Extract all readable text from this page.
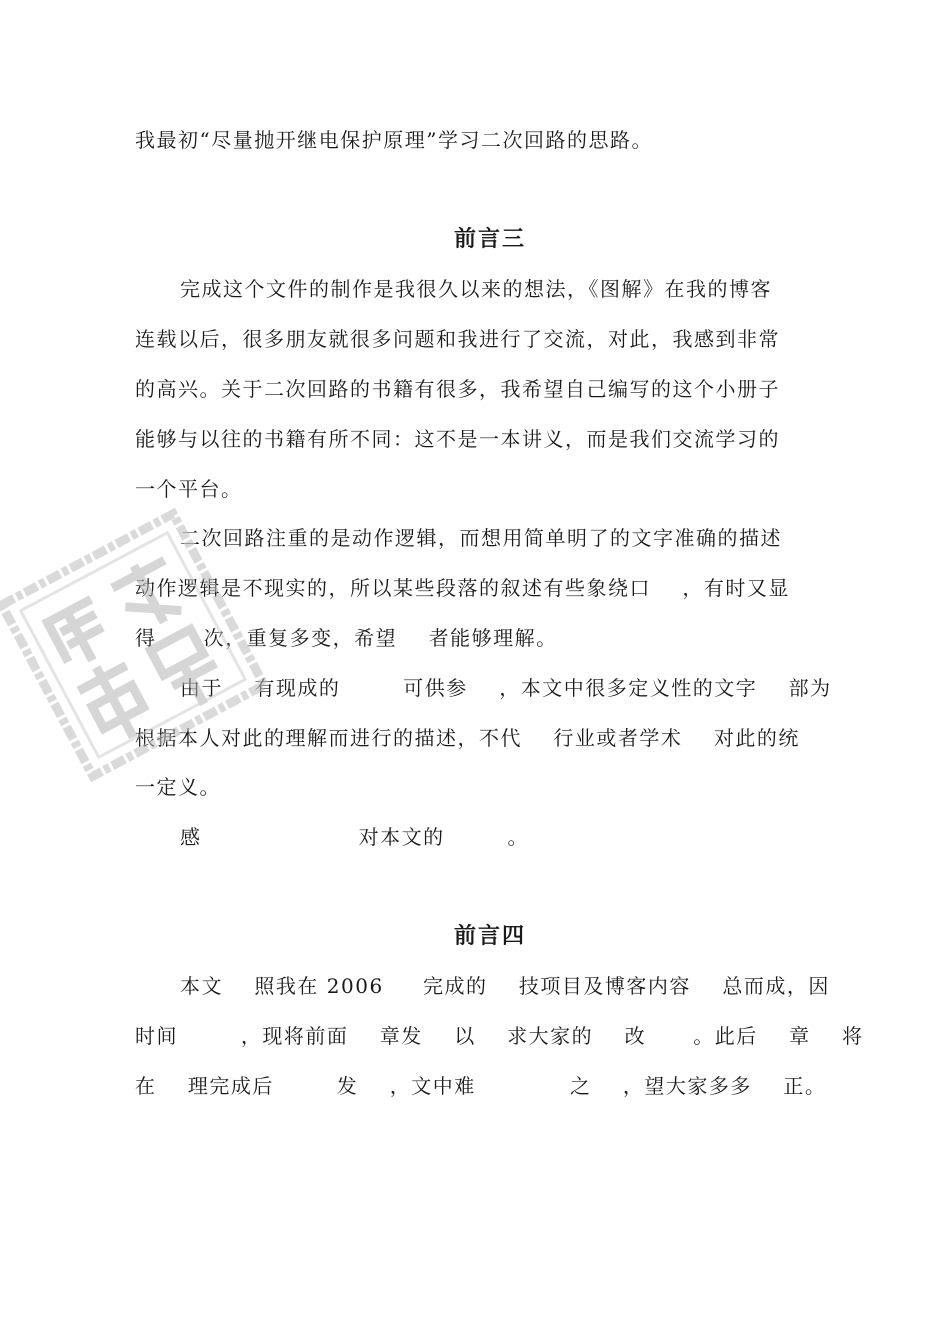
我最初“尽量抛开继电保护原理”学习二次回路的思路。
前言三
完成这个文件的制作是我很久以来的想法，《图解》在我的博客
连载以后，很多朋友就很多问题和我进行了交流，对此，我感到非常
的高兴。关于二次回路的书籍有很多，我希望自己编写的这个小册子
能够与以往的书籍有所不同：这不是一本讲义，而是我们交流学习的
一个平台。
二次回路注重的是动作逻辑，而想用简单明了的文字准确的描述
动作逻辑是不现实的，所以某些段落的叙述有些象绕口    ，有时又显
得      次，重复多变，希望    者能够理解。
由于    有现成的        可供参    ，本文中很多定义性的文字    部为
根据本人对此的理解而进行的描述，不代    行业或者学术    对此的统
一定义。
感                    对本文的        。
前言四
本文    照我在 2006     完成的    技项目及博客内容    总而成，因
时间        ，现将前面    章发    以    求大家的    改      。此后    章    将
在    理完成后        发    ，文中难            之    ，望大家多多    正。
